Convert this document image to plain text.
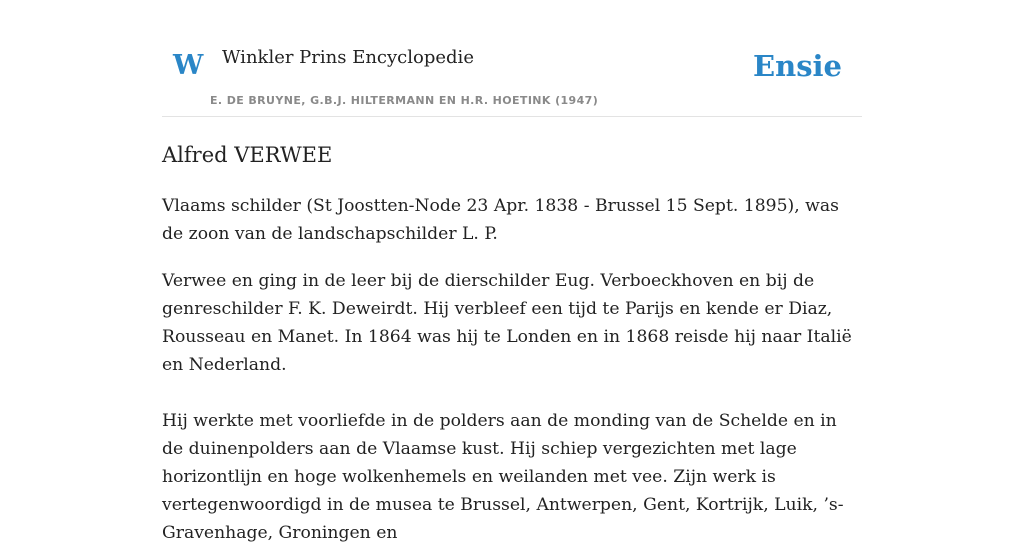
W Winkler Prins Encyclopedie
E. DE BRUYNE, G.B.J. HILTERMANN EN H.R. HOETINK (1947)
Ensie
Alfred VERWEE

Vlaams schilder (St Joostten-Node 23 Apr. 1838 - Brussel 15 Sept. 1895), was de zoon van de landschapschilder L. P.

Verwee en ging in de leer bij de dierschilder Eug. Verboeckhoven en bij de genreschilder F. K. Deweirdt. Hij verbleef een tijd te Parijs en kende er Diaz, Rousseau en Manet. In 1864 was hij te Londen en in 1868 reisde hij naar Italië en Nederland.

Hij werkte met voorliefde in de polders aan de monding van de Schelde en in de duinenpolders aan de Vlaamse kust. Hij schiep vergezichten met lage horizontlijn en hoge wolkenhemels en weilanden met vee. Zijn werk is vertegenwoordigd in de musea te Brussel, Antwerpen, Gent, Kortrijk, Luik, ’s-Gravenhage, Groningen en
